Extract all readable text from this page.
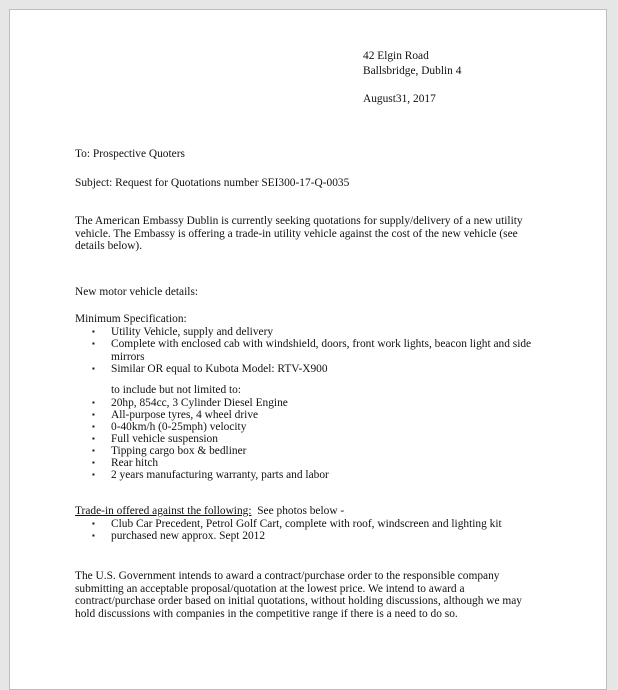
42 Elgin Road
Ballsbridge, Dublin 4
August31, 2017
To: Prospective Quoters
Subject: Request for Quotations number SEI300-17-Q-0035
The American Embassy Dublin is currently seeking quotations for supply/delivery of a new utility vehicle. The Embassy is offering a trade-in utility vehicle against the cost of the new vehicle (see details below).
New motor vehicle details:
Minimum Specification:
▪ Utility Vehicle, supply and delivery
▪ Complete with enclosed cab with windshield, doors, front work lights, beacon light and side mirrors
▪ Similar OR equal to Kubota Model: RTV-X900
to include but not limited to:
▪ 20hp, 854cc, 3 Cylinder Diesel Engine
▪ All-purpose tyres, 4 wheel drive
▪ 0-40km/h (0-25mph) velocity
▪ Full vehicle suspension
▪ Tipping cargo box & bedliner
▪ Rear hitch
▪ 2 years manufacturing warranty, parts and labor
Trade-in offered against the following:  See photos below -
▪ Club Car Precedent, Petrol Golf Cart, complete with roof, windscreen and lighting kit
▪ purchased new approx. Sept 2012
The U.S. Government intends to award a contract/purchase order to the responsible company submitting an acceptable proposal/quotation at the lowest price. We intend to award a contract/purchase order based on initial quotations, without holding discussions, although we may hold discussions with companies in the competitive range if there is a need to do so.
